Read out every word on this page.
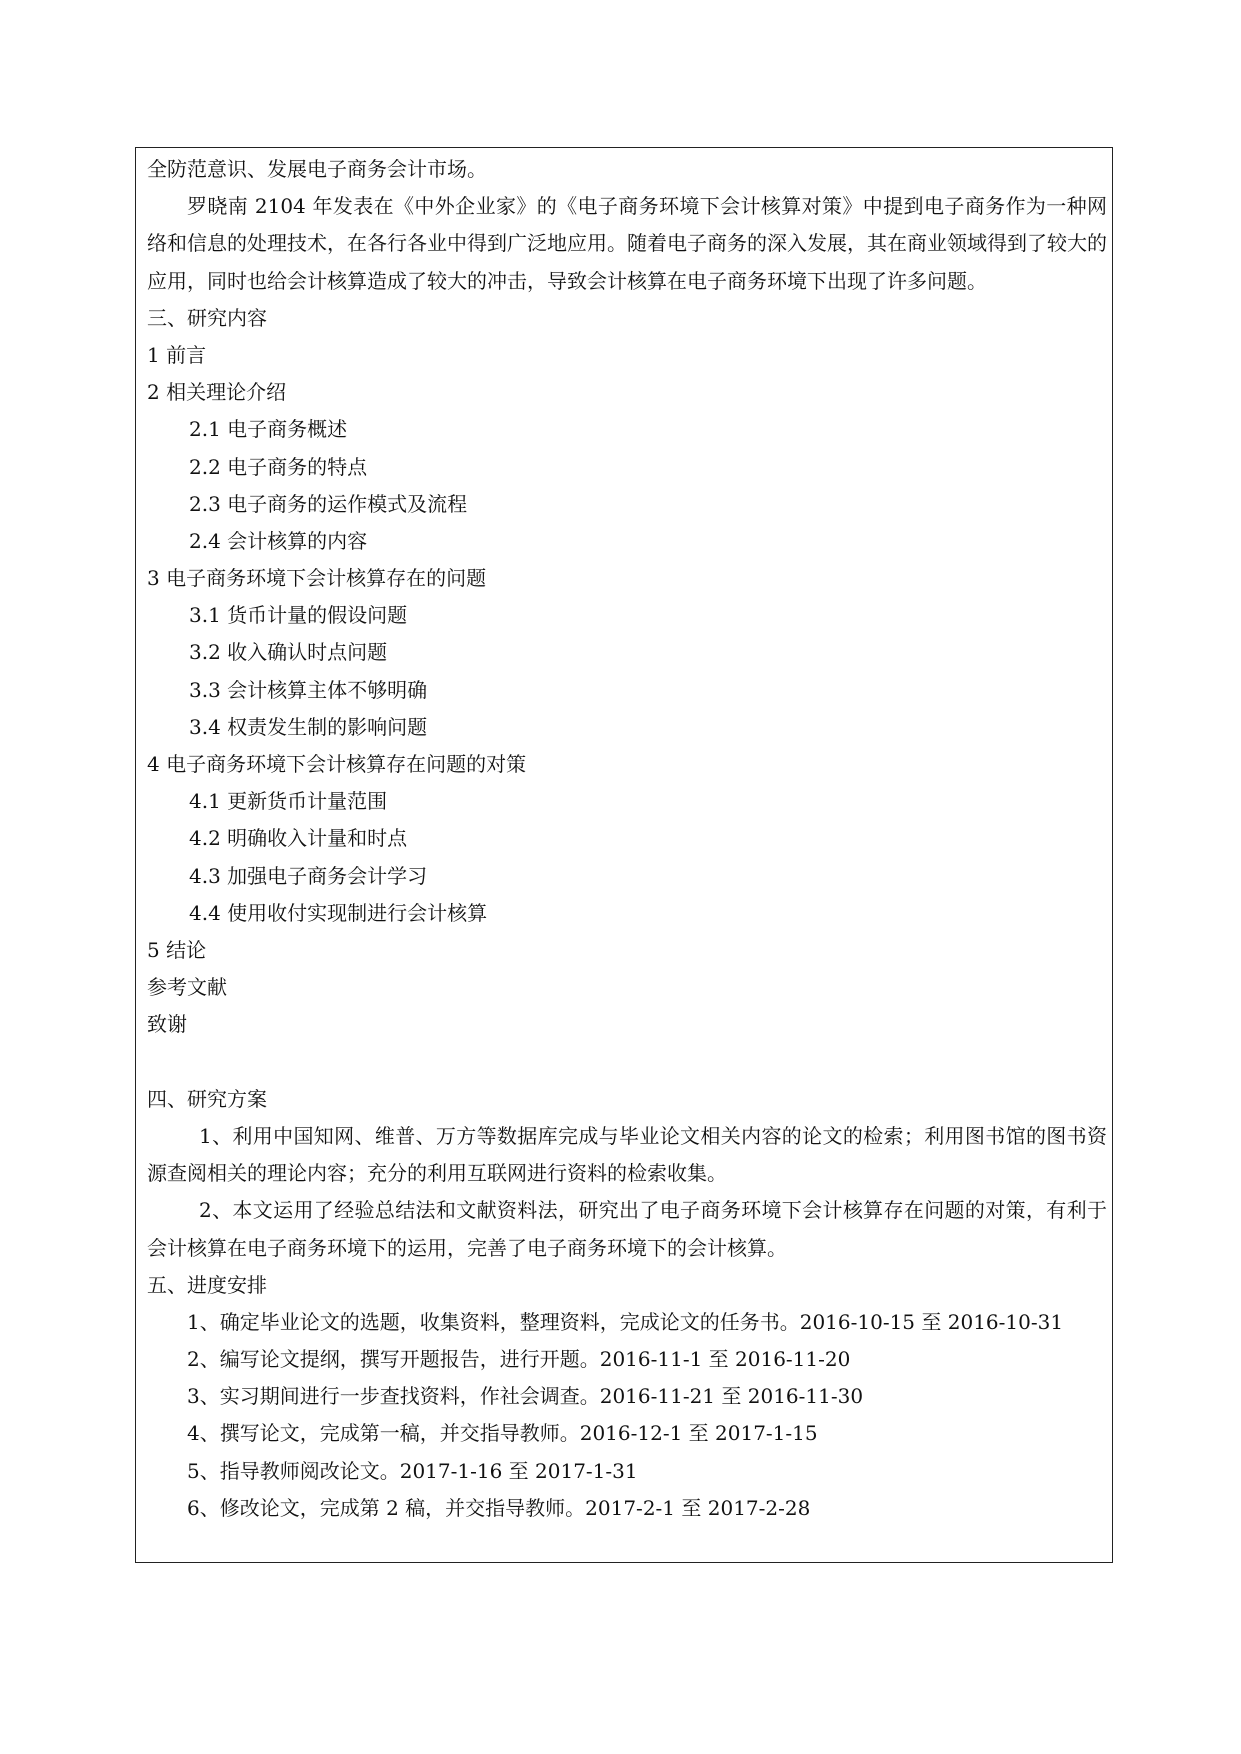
全防范意识、发展电子商务会计市场。
罗晓南 2104 年发表在《中外企业家》的《电子商务环境下会计核算对策》中提到电子商务作为一种网络和信息的处理技术，在各行各业中得到广泛地应用。随着电子商务的深入发展，其在商业领域得到了较大的应用，同时也给会计核算造成了较大的冲击，导致会计核算在电子商务环境下出现了许多问题。
三、研究内容
1 前言
2 相关理论介绍
2.1 电子商务概述
2.2 电子商务的特点
2.3 电子商务的运作模式及流程
2.4 会计核算的内容
3 电子商务环境下会计核算存在的问题
3.1 货币计量的假设问题
3.2 收入确认时点问题
3.3 会计核算主体不够明确
3.4 权责发生制的影响问题
4 电子商务环境下会计核算存在问题的对策
4.1 更新货币计量范围
4.2 明确收入计量和时点
4.3 加强电子商务会计学习
4.4 使用收付实现制进行会计核算
5 结论
参考文献
致谢
四、研究方案
1、利用中国知网、维普、万方等数据库完成与毕业论文相关内容的论文的检索；利用图书馆的图书资源查阅相关的理论内容；充分的利用互联网进行资料的检索收集。
2、本文运用了经验总结法和文献资料法，研究出了电子商务环境下会计核算存在问题的对策，有利于会计核算在电子商务环境下的运用，完善了电子商务环境下的会计核算。
五、进度安排
1、确定毕业论文的选题，收集资料，整理资料，完成论文的任务书。2016-10-15 至 2016-10-31
2、编写论文提纲，撰写开题报告，进行开题。2016-11-1 至 2016-11-20
3、实习期间进行一步查找资料，作社会调查。2016-11-21 至 2016-11-30
4、撰写论文，完成第一稿，并交指导教师。2016-12-1 至 2017-1-15
5、指导教师阅改论文。2017-1-16 至 2017-1-31
6、修改论文，完成第 2 稿，并交指导教师。2017-2-1 至 2017-2-28
